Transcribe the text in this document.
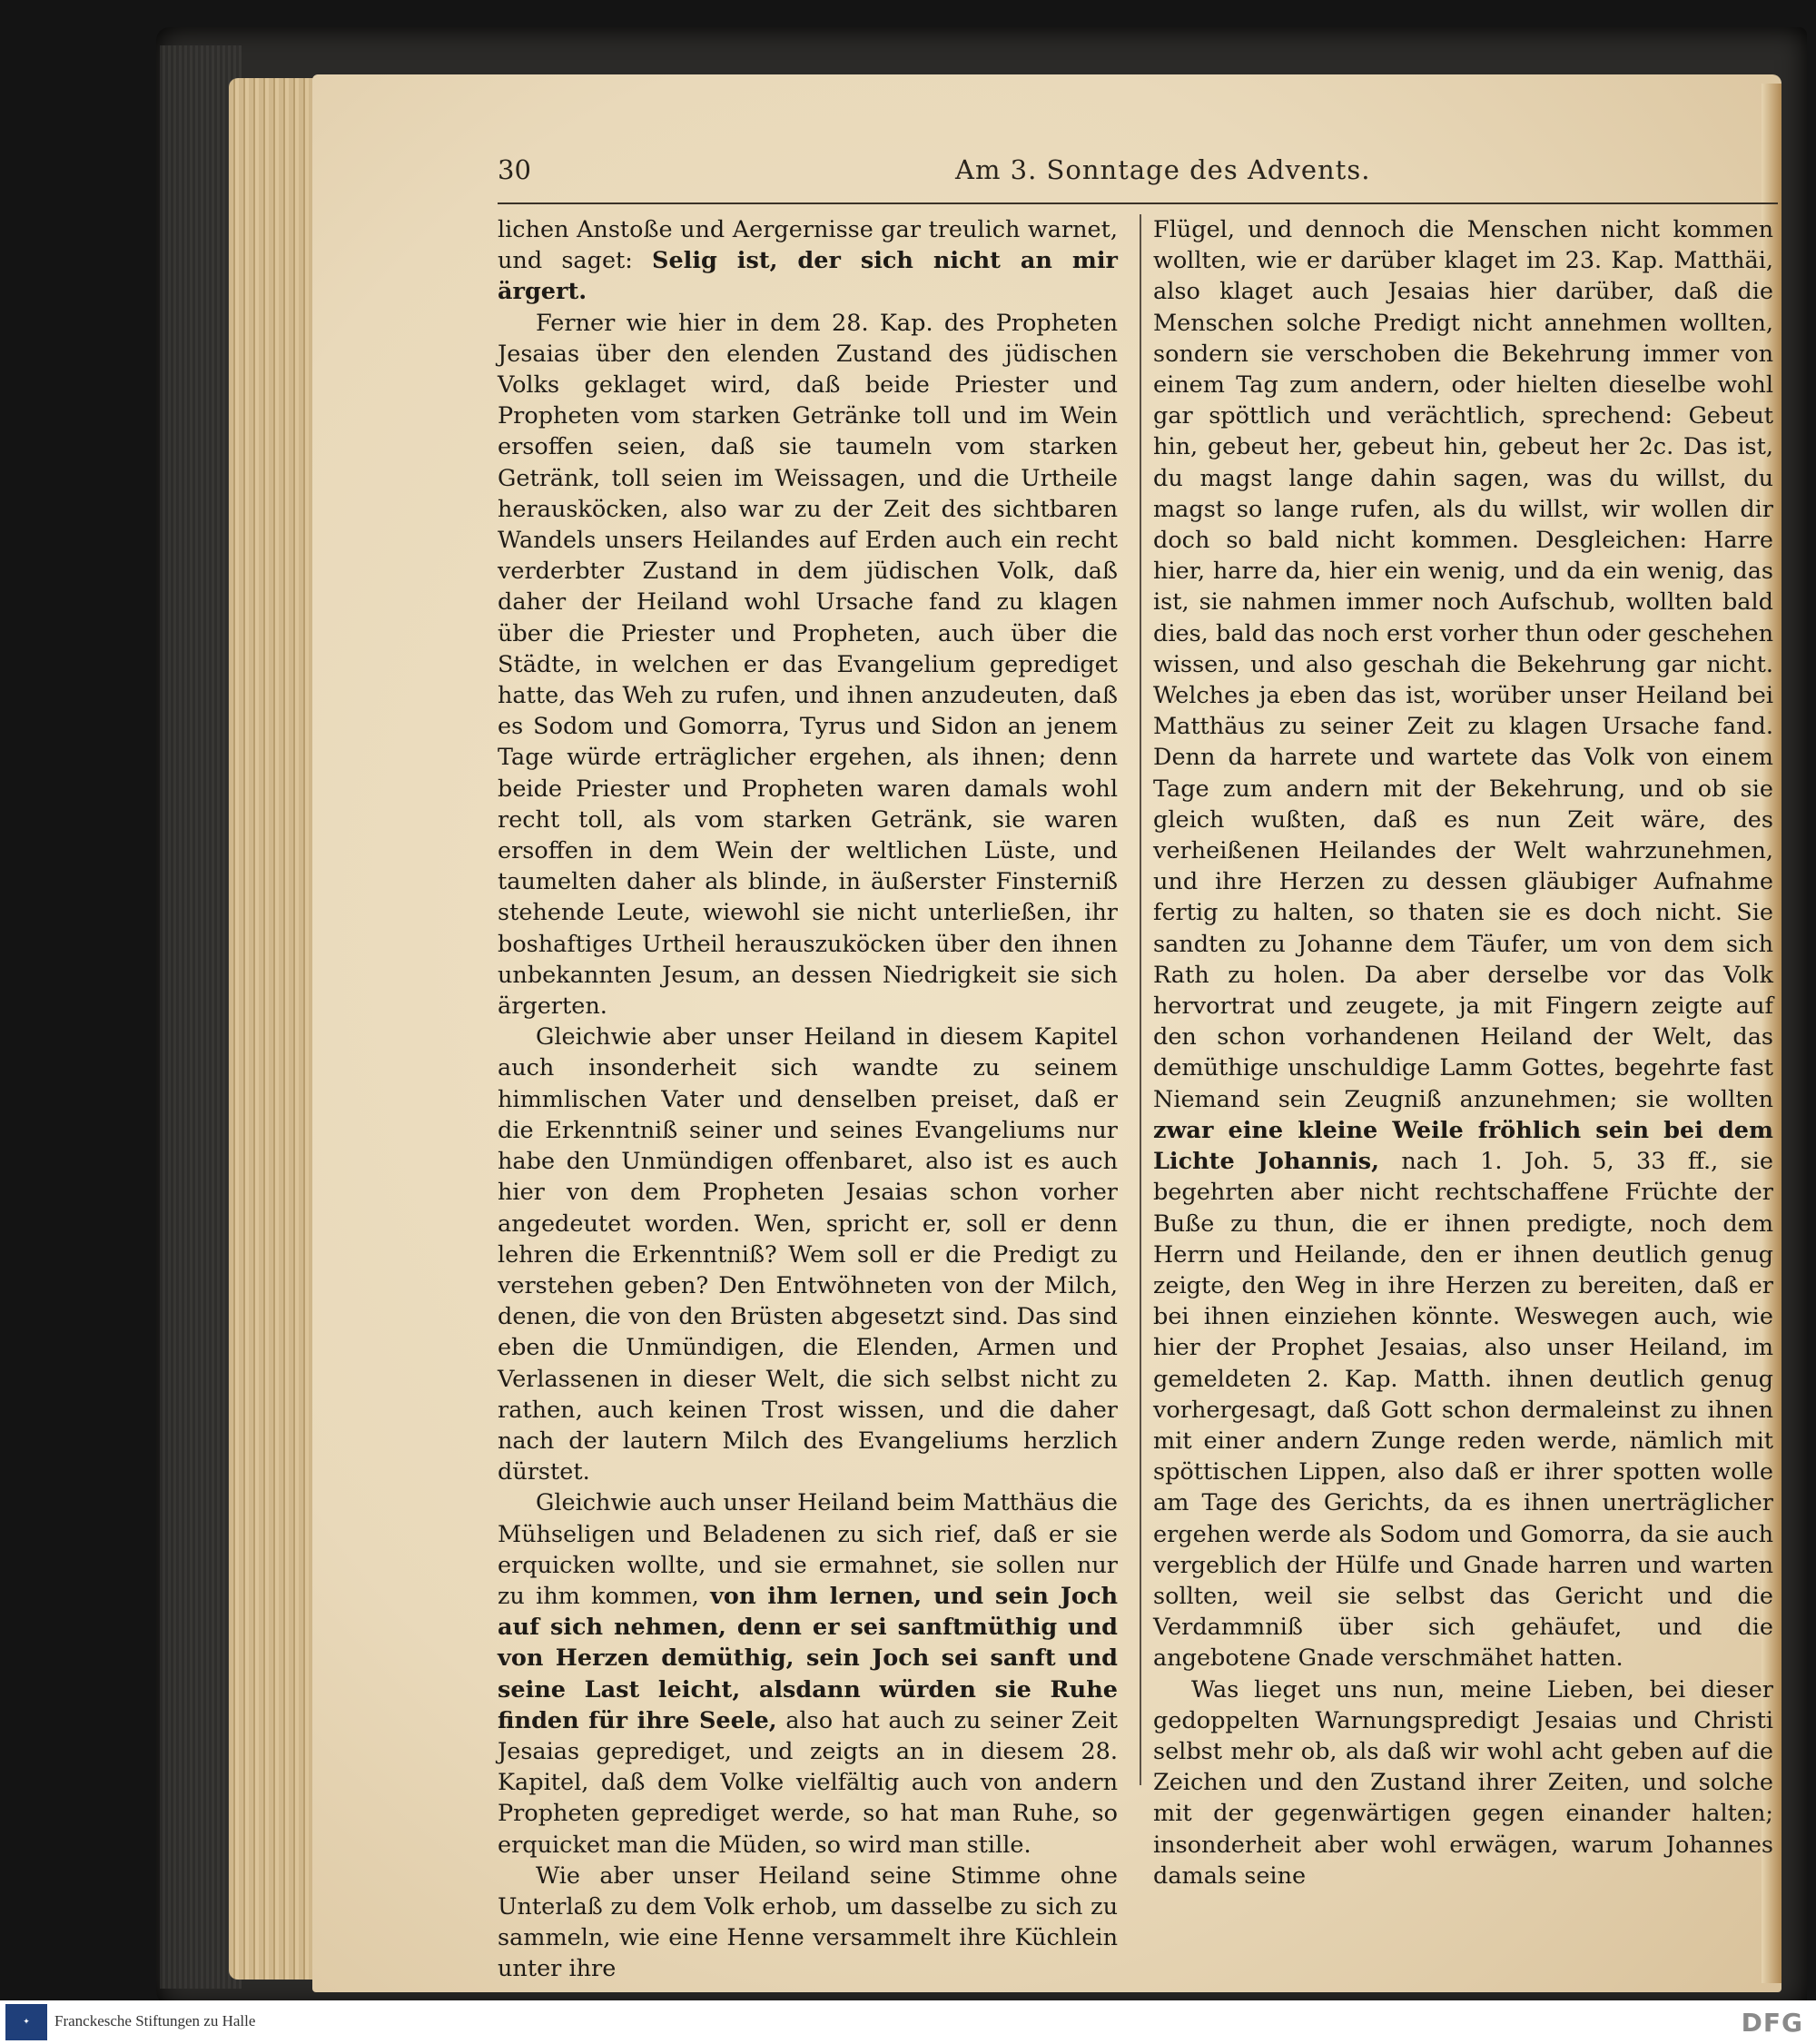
30	Am 3. Sonntage des Advents.

lichen Anstoße und Aergernisse gar treulich warnet, und saget: Selig ist, der sich nicht an mir ärgert.

Ferner wie hier in dem 28. Kap. des Propheten Jesaias über den elenden Zustand des jüdischen Volks geklaget wird, daß beide Priester und Propheten vom starken Getränke toll und im Wein ersoffen seien, daß sie taumeln vom starken Getränk, toll seien im Weissagen, und die Urtheile herausköcken, also war zu der Zeit des sichtbaren Wandels unsers Heilandes auf Erden auch ein recht verderbter Zustand in dem jüdischen Volk, daß daher der Heiland wohl Ursache fand zu klagen über die Priester und Propheten, auch über die Städte, in welchen er das Evangelium geprediget hatte, das Weh zu rufen, und ihnen anzudeuten, daß es Sodom und Gomorra, Tyrus und Sidon an jenem Tage würde erträglicher ergehen, als ihnen; denn beide Priester und Propheten waren damals wohl recht toll, als vom starken Getränk, sie waren ersoffen in dem Wein der weltlichen Lüste, und taumelten daher als blinde, in äußerster Finsterniß stehende Leute, wiewohl sie nicht unterließen, ihr boshaftiges Urtheil herauszuköcken über den ihnen unbekannten Jesum, an dessen Niedrigkeit sie sich ärgerten.

Gleichwie aber unser Heiland in diesem Kapitel auch insonderheit sich wandte zu seinem himmlischen Vater und denselben preiset, daß er die Erkenntniß seiner und seines Evangeliums nur habe den Unmündigen offenbaret, also ist es auch hier von dem Propheten Jesaias schon vorher angedeutet worden. Wen, spricht er, soll er denn lehren die Erkenntniß? Wem soll er die Predigt zu verstehen geben? Den Entwöhneten von der Milch, denen, die von den Brüsten abgesetzt sind. Das sind eben die Unmündigen, die Elenden, Armen und Verlassenen in dieser Welt, die sich selbst nicht zu rathen, auch keinen Trost wissen, und die daher nach der lautern Milch des Evangeliums herzlich dürstet.

Gleichwie auch unser Heiland beim Matthäus die Mühseligen und Beladenen zu sich rief, daß er sie erquicken wollte, und sie ermahnet, sie sollen nur zu ihm kommen, von ihm lernen, und sein Joch auf sich nehmen, denn er sei sanftmüthig und von Herzen demüthig, sein Joch sei sanft und seine Last leicht, alsdann würden sie Ruhe finden für ihre Seele, also hat auch zu seiner Zeit Jesaias geprediget, und zeigts an in diesem 28. Kapitel, daß dem Volke vielfältig auch von andern Propheten geprediget werde, so hat man Ruhe, so erquicket man die Müden, so wird man stille.

Wie aber unser Heiland seine Stimme ohne Unterlaß zu dem Volk erhob, um dasselbe zu sich zu sammeln, wie eine Henne versammelt ihre Küchlein unter ihre

Flügel, und dennoch die Menschen nicht kommen wollten, wie er darüber klaget im 23. Kap. Matthäi, also klaget auch Jesaias hier darüber, daß die Menschen solche Predigt nicht annehmen wollten, sondern sie verschoben die Bekehrung immer von einem Tag zum andern, oder hielten dieselbe wohl gar spöttlich und verächtlich, sprechend: Gebeut hin, gebeut her, gebeut hin, gebeut her 2c. Das ist, du magst lange dahin sagen, was du willst, du magst so lange rufen, als du willst, wir wollen dir doch so bald nicht kommen. Desgleichen: Harre hier, harre da, hier ein wenig, und da ein wenig, das ist, sie nahmen immer noch Aufschub, wollten bald dies, bald das noch erst vorher thun oder geschehen wissen, und also geschah die Bekehrung gar nicht. Welches ja eben das ist, worüber unser Heiland bei Matthäus zu seiner Zeit zu klagen Ursache fand. Denn da harrete und wartete das Volk von einem Tage zum andern mit der Bekehrung, und ob sie gleich wußten, daß es nun Zeit wäre, des verheißenen Heilandes der Welt wahrzunehmen, und ihre Herzen zu dessen gläubiger Aufnahme fertig zu halten, so thaten sie es doch nicht. Sie sandten zu Johanne dem Täufer, um von dem sich Rath zu holen. Da aber derselbe vor das Volk hervortrat und zeugete, ja mit Fingern zeigte auf den schon vorhandenen Heiland der Welt, das demüthige unschuldige Lamm Gottes, begehrte fast Niemand sein Zeugniß anzunehmen; sie wollten zwar eine kleine Weile fröhlich sein bei dem Lichte Johannis, nach 1. Joh. 5, 33 ff., sie begehrten aber nicht rechtschaffene Früchte der Buße zu thun, die er ihnen predigte, noch dem Herrn und Heilande, den er ihnen deutlich genug zeigte, den Weg in ihre Herzen zu bereiten, daß er bei ihnen einziehen könnte. Weswegen auch, wie hier der Prophet Jesaias, also unser Heiland, im gemeldeten 2. Kap. Matth. ihnen deutlich genug vorhergesagt, daß Gott schon dermaleinst zu ihnen mit einer andern Zunge reden werde, nämlich mit spöttischen Lippen, also daß er ihrer spotten wolle am Tage des Gerichts, da es ihnen unerträglicher ergehen werde als Sodom und Gomorra, da sie auch vergeblich der Hülfe und Gnade harren und warten sollten, weil sie selbst das Gericht und die Verdammniß über sich gehäufet, und die angebotene Gnade verschmähet hatten.

Was lieget uns nun, meine Lieben, bei dieser gedoppelten Warnungspredigt Jesaias und Christi selbst mehr ob, als daß wir wohl acht geben auf die Zeichen und den Zustand ihrer Zeiten, und solche mit der gegenwärtigen gegen einander halten; insonderheit aber wohl erwägen, warum Johannes damals seine

✦	Franckesche Stiftungen zu Halle	DFG
